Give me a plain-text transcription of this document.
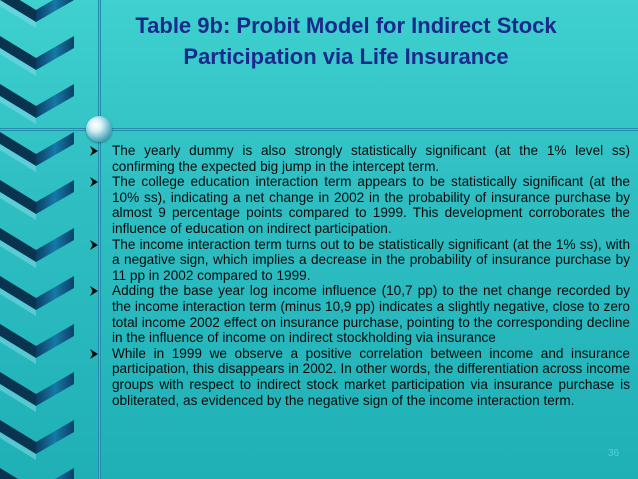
Table 9b: Probit Model for Indirect Stock
Participation via Life Insurance
The yearly dummy is also strongly statistically significant (at the 1% level ss) confirming the expected big jump in the intercept term.
The college education interaction term appears to be statistically significant (at the 10% ss), indicating a net change in 2002 in the probability of insurance purchase by almost 9 percentage points compared to 1999. This development corroborates the influence of education on indirect participation.
The income interaction term turns out to be statistically significant (at the 1% ss), with a negative sign, which implies a decrease in the probability of insurance purchase by 11 pp in 2002 compared to 1999.
Adding the base year log income influence (10,7 pp) to the net change recorded by the income interaction term (minus 10,9 pp) indicates a slightly negative, close to zero total income 2002 effect on insurance purchase, pointing to the corresponding decline in the influence of income on indirect stockholding via insurance
While in 1999 we observe a positive correlation between income and insurance participation, this disappears in 2002. In other words, the differentiation across income groups with respect to indirect stock market participation via insurance purchase is obliterated, as evidenced by the negative sign of the income interaction term.
36
